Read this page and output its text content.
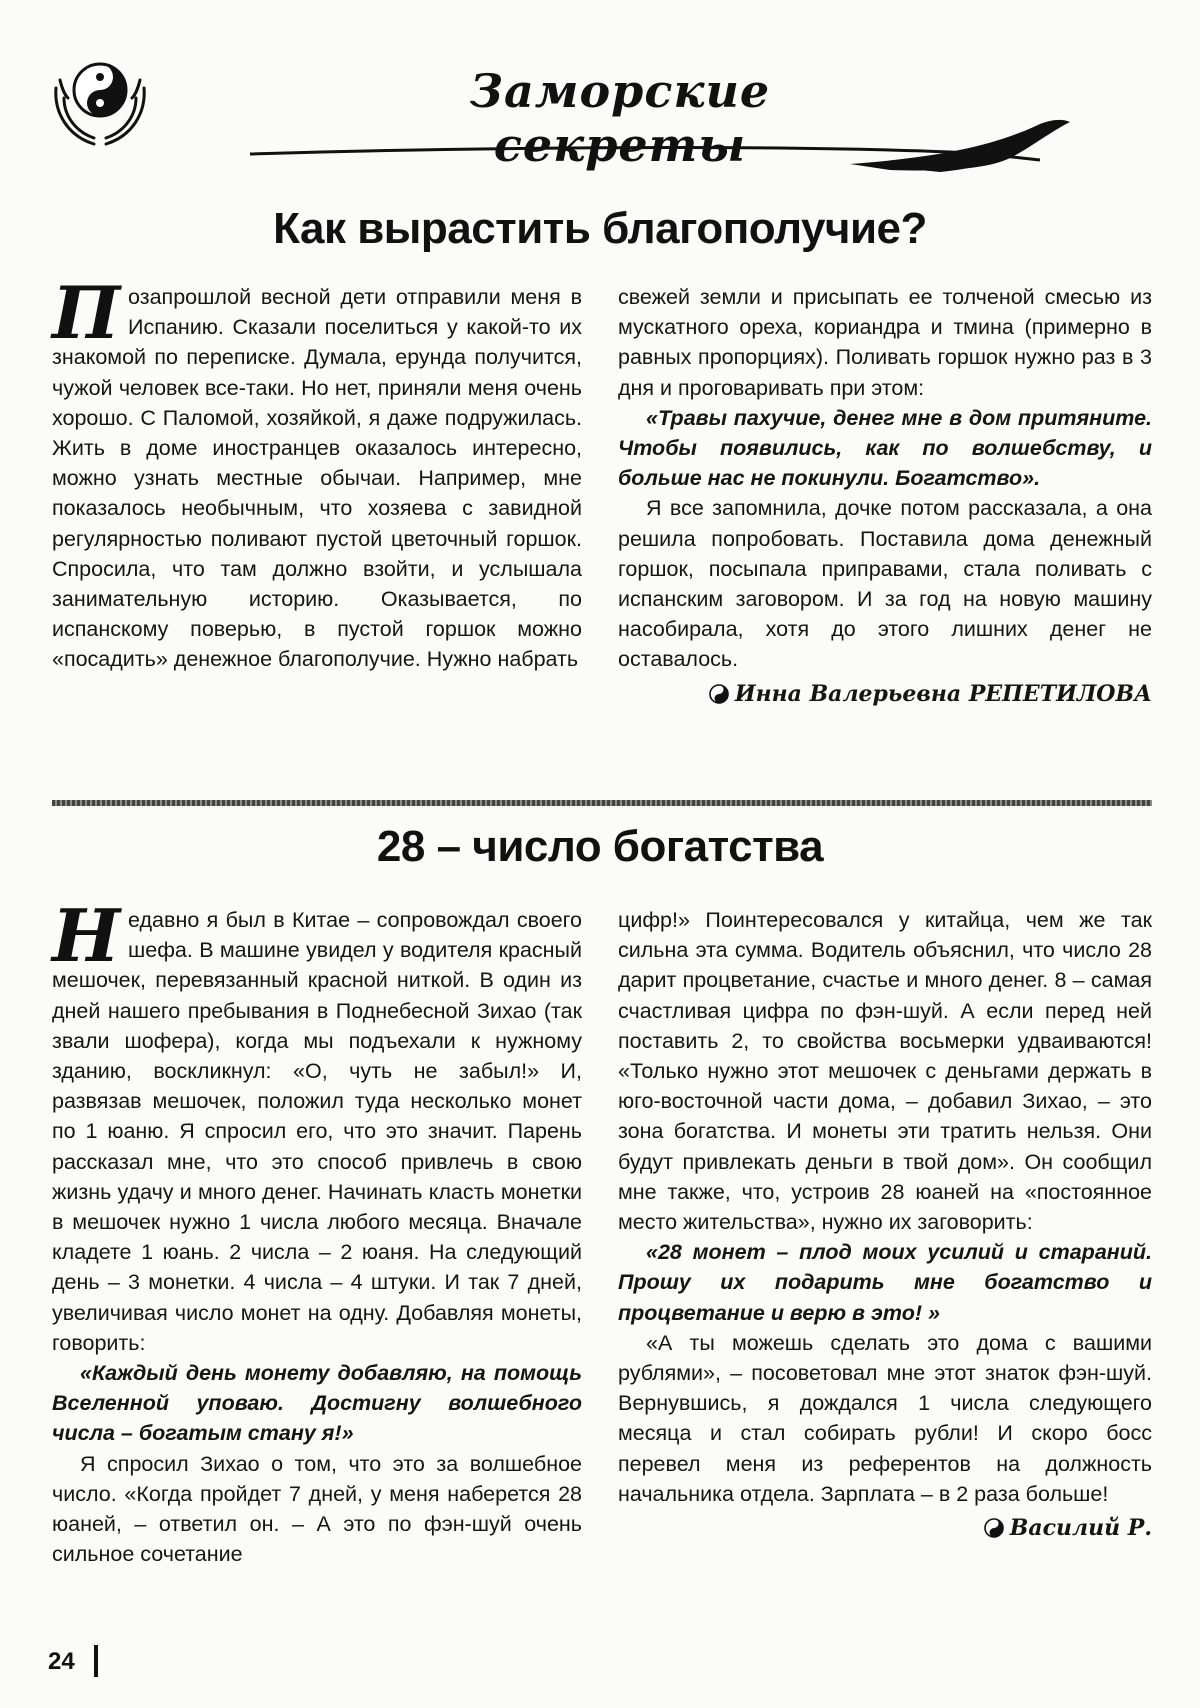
Заморские секреты
Как вырастить благополучие?

Позапрошлой весной дети отправили меня в Испанию. Сказали поселиться у какой-то их знакомой по переписке. Думала, ерунда получится, чужой человек все-таки. Но нет, приняли меня очень хорошо. С Паломой, хозяйкой, я даже подружилась. Жить в доме иностранцев оказалось интересно, можно узнать местные обычаи. Например, мне показалось необычным, что хозяева с завидной регулярностью поливают пустой цветочный горшок. Спросила, что там должно взойти, и услышала занимательную историю. Оказывается, по испанскому поверью, в пустой горшок можно «посадить» денежное благополучие. Нужно набрать

свежей земли и присыпать ее толченой смесью из мускатного ореха, кориандра и тмина (примерно в равных пропорциях). Поливать горшок нужно раз в 3 дня и проговаривать при этом:

«Травы пахучие, денег мне в дом притяните. Чтобы появились, как по волшебству, и больше нас не покинули. Богатство».

Я все запомнила, дочке потом рассказала, а она решила попробовать. Поставила дома денежный горшок, посыпала приправами, стала поливать с испанским заговором. И за год на новую машину насобирала, хотя до этого лишних денег не оставалось.

Инна Валерьевна РЕПЕТИЛОВА
28 – число богатства

Недавно я был в Китае – сопровождал своего шефа. В машине увидел у водителя красный мешочек, перевязанный красной ниткой. В один из дней нашего пребывания в Поднебесной Зихао (так звали шофера), когда мы подъехали к нужному зданию, воскликнул: «О, чуть не забыл!» И, развязав мешочек, положил туда несколько монет по 1 юаню. Я спросил его, что это значит. Парень рассказал мне, что это способ привлечь в свою жизнь удачу и много денег. Начинать класть монетки в мешочек нужно 1 числа любого месяца. Вначале кладете 1 юань. 2 числа – 2 юаня. На следующий день – 3 монетки. 4 числа – 4 штуки. И так 7 дней, увеличивая число монет на одну. Добавляя монеты, говорить:

«Каждый день монету добавляю, на помощь Вселенной уповаю. Достигну волшебного числа – богатым стану я!»

Я спросил Зихао о том, что это за волшебное число. «Когда пройдет 7 дней, у меня наберется 28 юаней, – ответил он. – А это по фэн-шуй очень сильное сочетание

цифр!» Поинтересовался у китайца, чем же так сильна эта сумма. Водитель объяснил, что число 28 дарит процветание, счастье и много денег. 8 – самая счастливая цифра по фэн-шуй. А если перед ней поставить 2, то свойства восьмерки удваиваются! «Только нужно этот мешочек с деньгами держать в юго-восточной части дома, – добавил Зихао, – это зона богатства. И монеты эти тратить нельзя. Они будут привлекать деньги в твой дом». Он сообщил мне также, что, устроив 28 юаней на «постоянное место жительства», нужно их заговорить:

«28 монет – плод моих усилий и стараний. Прошу их подарить мне богатство и процветание и верю в это! »

«А ты можешь сделать это дома с вашими рублями», – посоветовал мне этот знаток фэн-шуй. Вернувшись, я дождался 1 числа следующего месяца и стал собирать рубли! И скоро босс перевел меня из референтов на должность начальника отдела. Зарплата – в 2 раза больше!

Василий Р.
24
